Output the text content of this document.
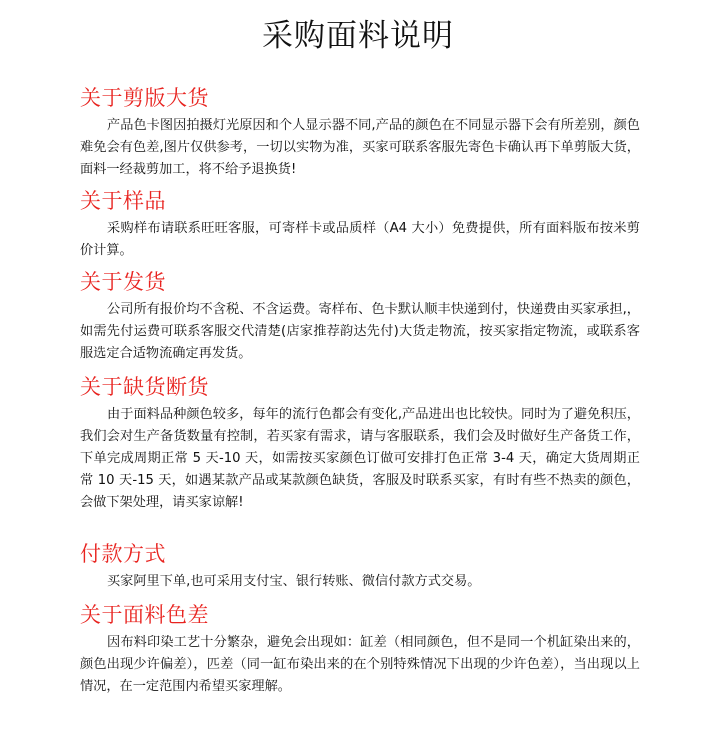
采购面料说明
关于剪版大货

产品色卡图因拍摄灯光原因和个人显示器不同,产品的颜色在不同显示器下会有所差别，颜色难免会有色差,图片仅供参考，一切以实物为准，买家可联系客服先寄色卡确认再下单剪版大货，面料一经裁剪加工，将不给予退换货!

关于样品

采购样布请联系旺旺客服，可寄样卡或品质样（A4 大小）免费提供，所有面料版布按米剪价计算。

关于发货

公司所有报价均不含税、不含运费。寄样布、色卡默认顺丰快递到付，快递费由买家承担,，如需先付运费可联系客服交代清楚(店家推荐韵达先付)大货走物流，按买家指定物流，或联系客服选定合适物流确定再发货。

关于缺货断货

由于面料品种颜色较多，每年的流行色都会有变化,产品进出也比较快。同时为了避免积压，我们会对生产备货数量有控制，若买家有需求，请与客服联系，我们会及时做好生产备货工作，下单完成周期正常 5 天-10 天，如需按买家颜色订做可安排打色正常 3-4 天，确定大货周期正常 10 天-15 天，如遇某款产品或某款颜色缺货，客服及时联系买家，有时有些不热卖的颜色，会做下架处理，请买家谅解!

付款方式

买家阿里下单,也可采用支付宝、银行转账、微信付款方式交易。

关于面料色差

因布料印染工艺十分繁杂，避免会出现如：缸差（相同颜色，但不是同一个机缸染出来的，颜色出现少许偏差），匹差（同一缸布染出来的在个别特殊情况下出现的少许色差），当出现以上情况，在一定范围内希望买家理解。
